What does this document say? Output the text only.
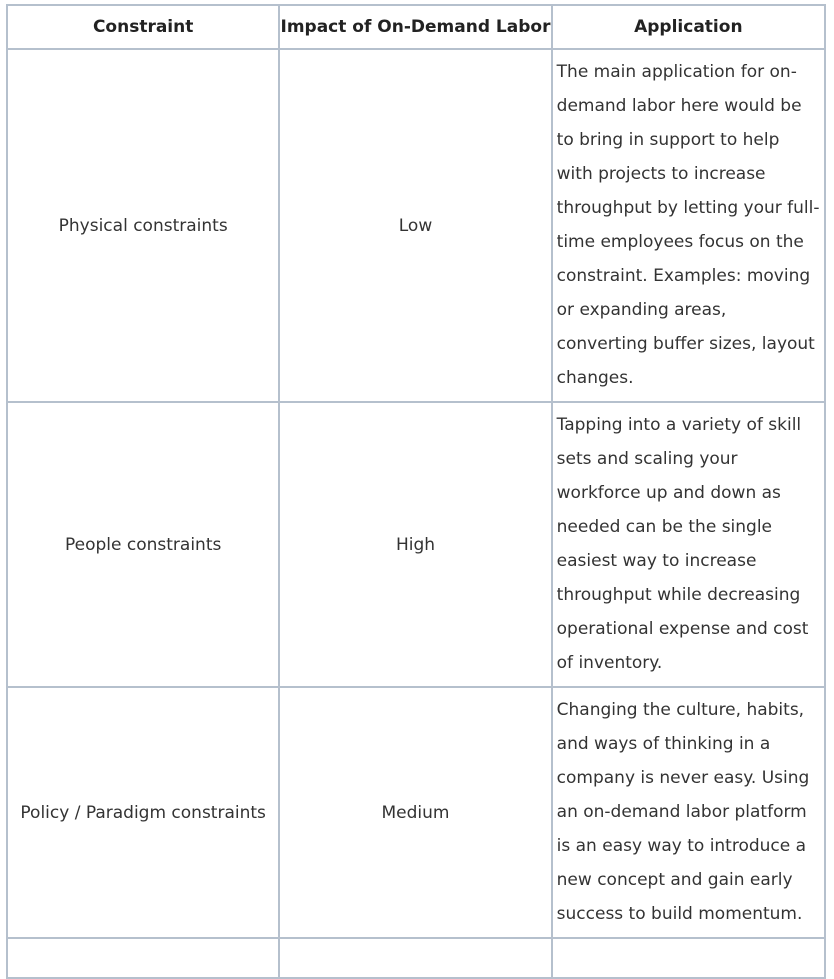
Constraint	Impact of On-Demand Labor	Application
Physical constraints	Low	The main application for on-demand labor here would be to bring in support to help with projects to increase throughput by letting your full-time employees focus on the constraint. Examples: moving or expanding areas, converting buffer sizes, layout changes.
People constraints	High	Tapping into a variety of skill sets and scaling your workforce up and down as needed can be the single easiest way to increase throughput while decreasing operational expense and cost of inventory.
Policy / Paradigm constraints	Medium	Changing the culture, habits, and ways of thinking in a company is never easy. Using an on-demand labor platform is an easy way to introduce a new concept and gain early success to build momentum.
